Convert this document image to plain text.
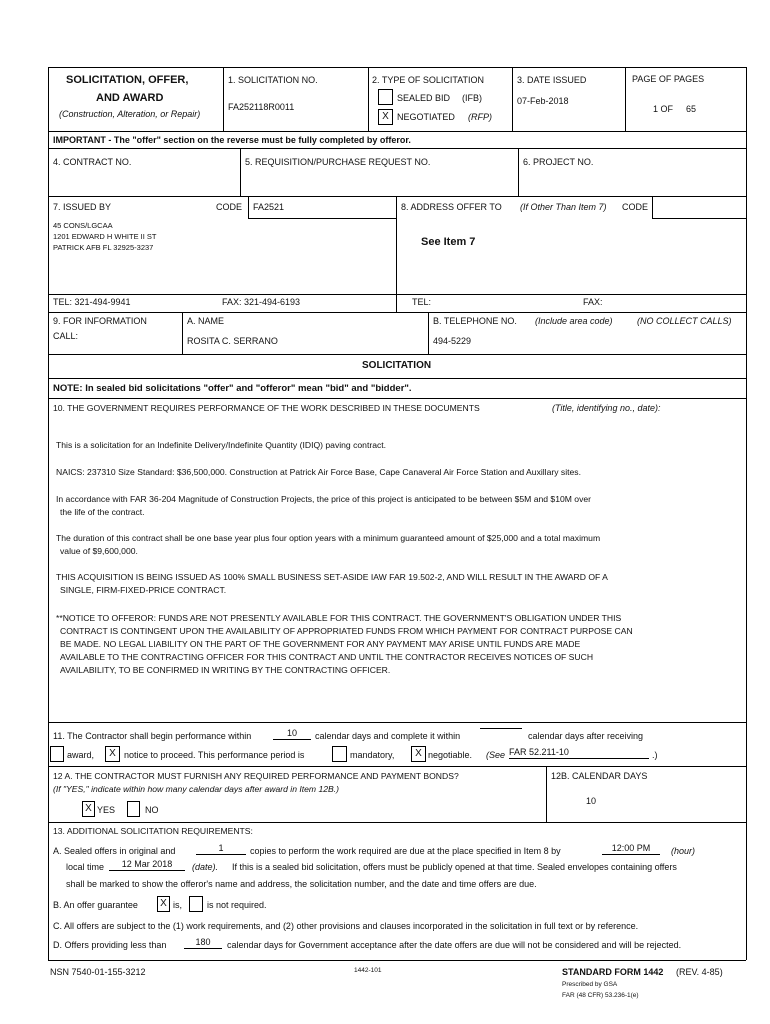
SOLICITATION, OFFER,
AND AWARD
(Construction, Alteration, or Repair)
1. SOLICITATION NO.
FA252118R0011
2. TYPE OF SOLICITATION
SEALED BID (IFB)
X NEGOTIATED (RFP)
3. DATE ISSUED
07-Feb-2018
PAGE OF PAGES
1 OF 65
IMPORTANT - The "offer" section on the reverse must be fully completed by offeror.
4. CONTRACT NO.	5. REQUISITION/PURCHASE REQUEST NO.	6. PROJECT NO.
7. ISSUED BY	CODE FA2521
45 CONS/LGCAA
1201 EDWARD H WHITE II ST
PATRICK AFB FL 32925-3237
8. ADDRESS OFFER TO (If Other Than Item 7) CODE
See Item 7
TEL: 321-494-9941	FAX: 321-494-6193	TEL:	FAX:
9. FOR INFORMATION
CALL:
A. NAME
ROSITA C. SERRANO
B. TELEPHONE NO. (Include area code)	(NO COLLECT CALLS)
494-5229
SOLICITATION
NOTE: In sealed bid solicitations "offer" and "offeror" mean "bid" and "bidder".
10. THE GOVERNMENT REQUIRES PERFORMANCE OF THE WORK DESCRIBED IN THESE DOCUMENTS	(Title, identifying no., date):
This is a solicitation for an Indefinite Delivery/Indefinite Quantity (IDIQ) paving contract.
NAICS: 237310 Size Standard: $36,500,000. Construction at Patrick Air Force Base, Cape Canaveral Air Force Station and Auxillary sites.
In accordance with FAR 36-204 Magnitude of Construction Projects, the price of this project is anticipated to be between $5M and $10M over
the life of the contract.
The duration of this contract shall be one base year plus four option years with a minimum guaranteed amount of $25,000 and a total maximum
value of $9,600,000.
THIS ACQUISITION IS BEING ISSUED AS 100% SMALL BUSINESS SET-ASIDE IAW FAR 19.502-2, AND WILL RESULT IN THE AWARD OF A
SINGLE, FIRM-FIXED-PRICE CONTRACT.
**NOTICE TO OFFEROR: FUNDS ARE NOT PRESENTLY AVAILABLE FOR THIS CONTRACT. THE GOVERNMENT'S OBLIGATION UNDER THIS
CONTRACT IS CONTINGENT UPON THE AVAILABILITY OF APPROPRIATED FUNDS FROM WHICH PAYMENT FOR CONTRACT PURPOSE CAN
BE MADE. NO LEGAL LIABILITY ON THE PART OF THE GOVERNMENT FOR ANY PAYMENT MAY ARISE UNTIL FUNDS ARE MADE
AVAILABLE TO THE CONTRACTING OFFICER FOR THIS CONTRACT AND UNTIL THE CONTRACTOR RECEIVES NOTICES OF SUCH
AVAILABILITY, TO BE CONFIRMED IN WRITING BY THE CONTRACTING OFFICER.
11. The Contractor shall begin performance within	10	calendar days and complete it within	calendar days after receiving
award,	X notice to proceed. This performance period is	mandatory,	X negotiable. (See FAR 52.211-10	.)
12 A. THE CONTRACTOR MUST FURNISH ANY REQUIRED PERFORMANCE AND PAYMENT BONDS?
(If "YES," indicate within how many calendar days after award in Item 12B.)
X YES	NO
12B. CALENDAR DAYS
10
13. ADDITIONAL SOLICITATION REQUIREMENTS:
A. Sealed offers in original and	1	copies to perform the work required are due at the place specified in Item 8 by	12:00 PM	(hour)
local time	12 Mar 2018	(date). If this is a sealed bid solicitation, offers must be publicly opened at that time. Sealed envelopes containing offers
shall be marked to show the offeror's name and address, the solicitation number, and the date and time offers are due.
B. An offer guarantee	X is,	is not required.
C. All offers are subject to the (1) work requirements, and (2) other provisions and clauses incorporated in the solicitation in full text or by reference.
D. Offers providing less than	180	calendar days for Government acceptance after the date offers are due will not be considered and will be rejected.
NSN 7540-01-155-3212	1442-101	STANDARD FORM 1442 (REV. 4-85)
Prescribed by GSA
FAR (48 CFR) 53.236-1(e)
